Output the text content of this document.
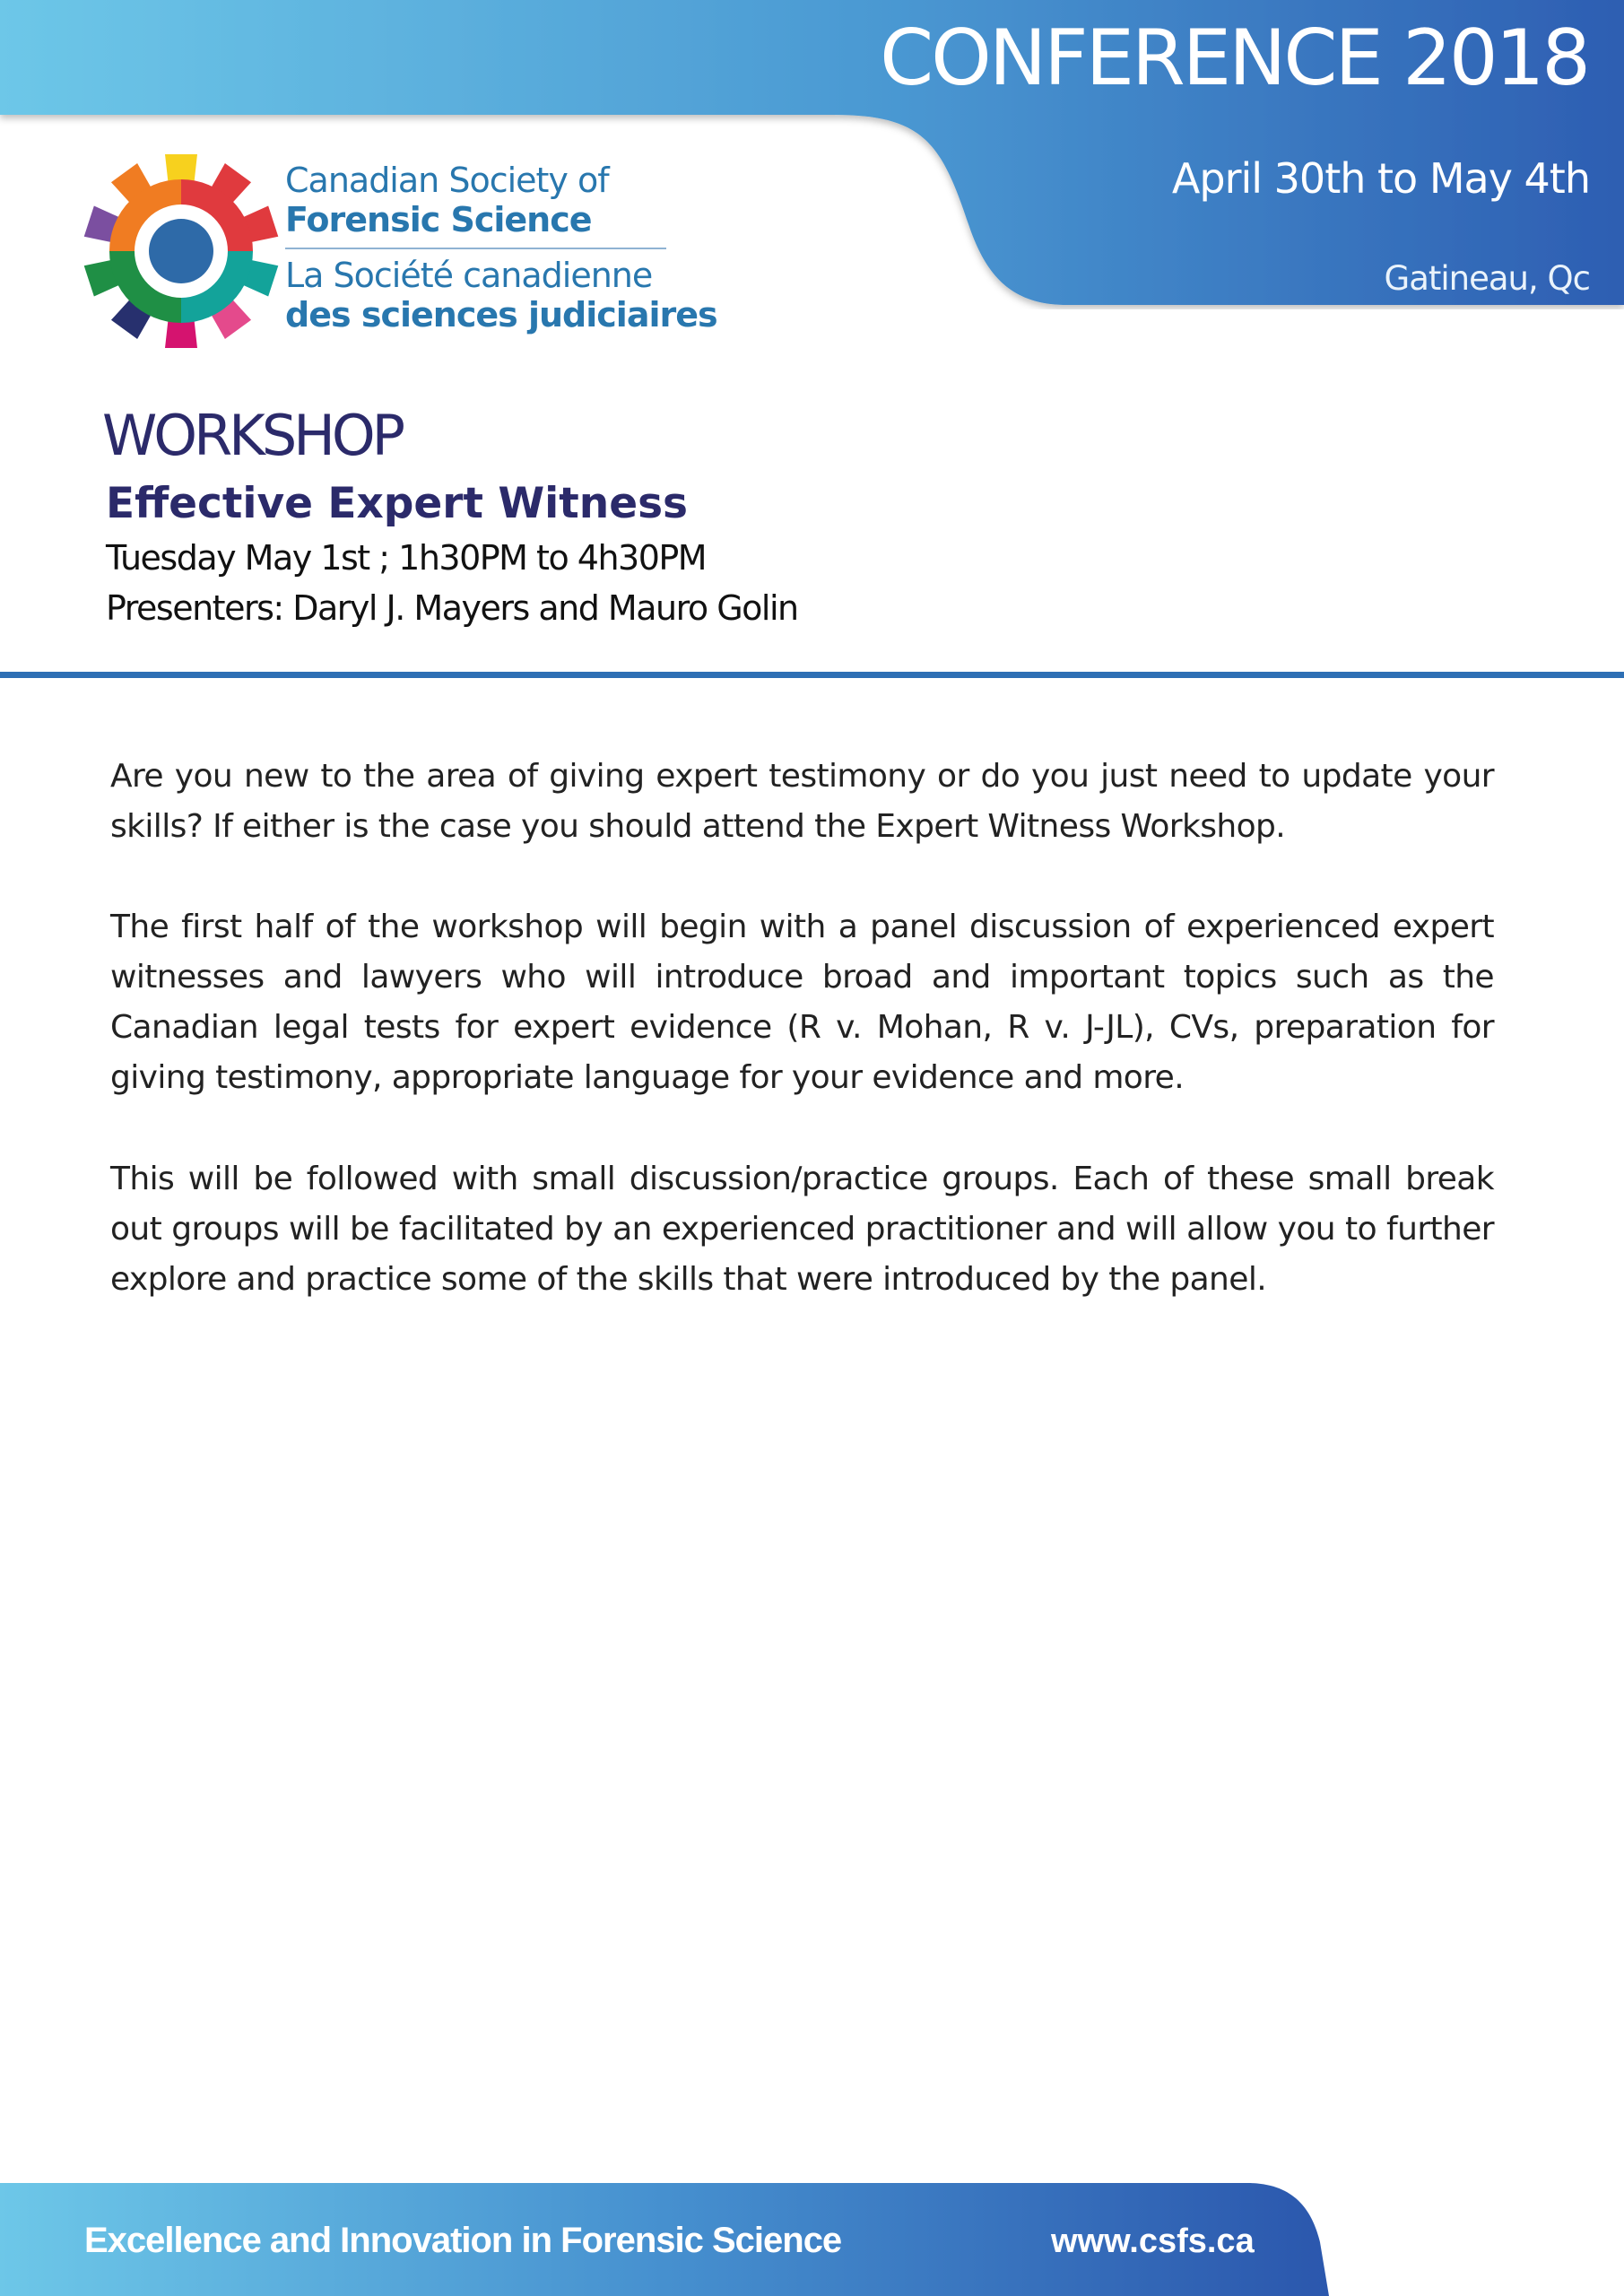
CONFERENCE 2018
April 30th to May 4th
Gatineau, Qc
Canadian Society of
Forensic Science
La Société canadienne
des sciences judiciaires
WORKSHOP
Effective Expert Witness
Tuesday May 1st ; 1h30PM to 4h30PM
Presenters: Daryl J. Mayers and Mauro Golin

Are you new to the area of giving expert testimony or do you just need to update your skills? If either is the case you should attend the Expert Witness Workshop.

The first half of the workshop will begin with a panel discussion of experienced expert witnesses and lawyers who will introduce broad and important topics such as the Canadian legal tests for expert evidence (R v. Mohan, R v. J-JL), CVs, preparation for giving testimony, appropriate language for your evidence and more.

This will be followed with small discussion/practice groups. Each of these small break out groups will be facilitated by an experienced practitioner and will allow you to further explore and practice some of the skills that were introduced by the panel.

Excellence and Innovation in Forensic Science	www.csfs.ca
